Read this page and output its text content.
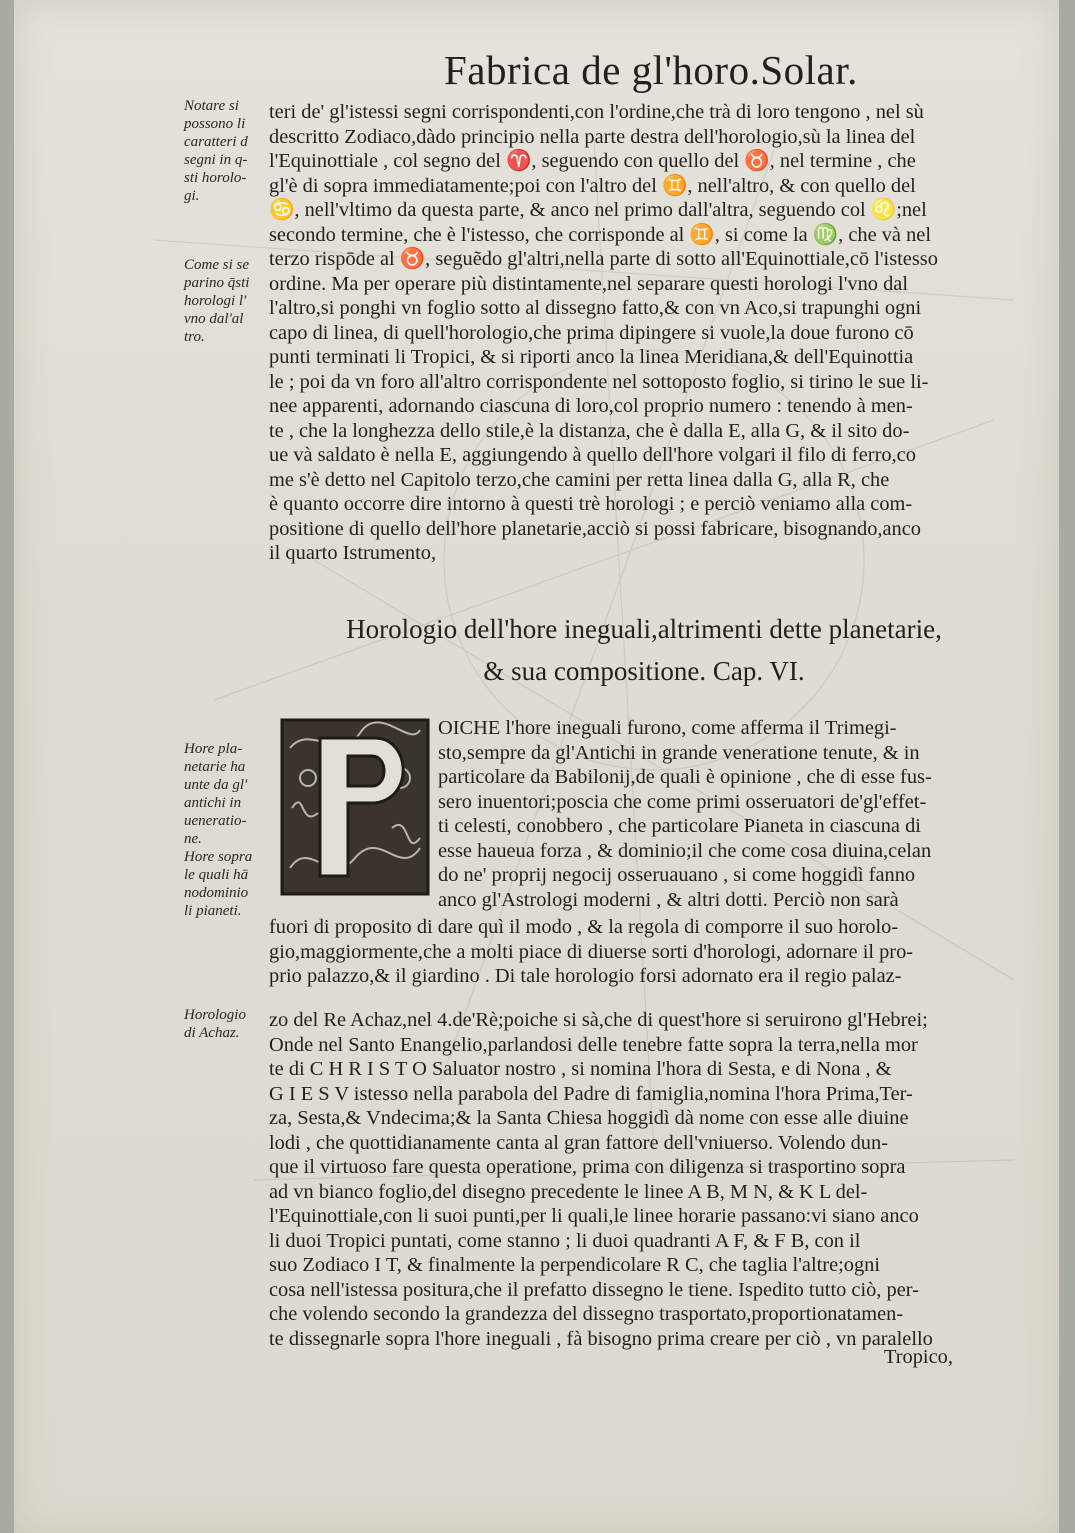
Fabrica de gl'horo.Solar.
Notare si
possono li
caratteri d
segni in q-
sti horolo-
gi.
Come si se
parino q̄sti
horologi l'
vno dal'al
tro.
Hore pla-
netarie ha
unte da gl'
antichi in
ueneratio-
ne.
Hore sopra
le quali hā
nodominio
li pianeti.
Horologio
di Achaz.
teri de' gl'istessi segni corrispondenti,con l'ordine,che trà di loro tengono , nel sù
descritto Zodiaco,dàdo principio nella parte destra dell'horologio,sù la linea del
l'Equinottiale , col segno del ♈, seguendo con quello del ♉, nel termine , che
gl'è di sopra immediatamente;poi con l'altro del ♊, nell'altro, & con quello del
♋, nell'vltimo da questa parte, & anco nel primo dall'altra, seguendo col ♌;nel
secondo termine, che è l'istesso, che corrisponde al ♊, si come la ♍, che và nel
terzo rispōde al ♉, seguẽdo gl'altri,nella parte di sotto all'Equinottiale,cō l'istesso
ordine. Ma per operare più distintamente,nel separare questi horologi l'vno dal
l'altro,si ponghi vn foglio sotto al dissegno fatto,& con vn Aco,si trapunghi ogni
capo di linea, di quell'horologio,che prima dipingere si vuole,la doue furono cō
punti terminati li Tropici, & si riporti anco la linea Meridiana,& dell'Equinottia
le ; poi da vn foro all'altro corrispondente nel sottoposto foglio, si tirino le sue li-
nee apparenti, adornando ciascuna di loro,col proprio numero : tenendo à men-
te , che la longhezza dello stile,è la distanza, che è dalla E, alla G, & il sito do-
ue và saldato è nella E, aggiungendo à quello dell'hore volgari il filo di ferro,co
me s'è detto nel Capitolo terzo,che camini per retta linea dalla G, alla R, che
è quanto occorre dire intorno à questi trè horologi ; e perciò veniamo alla com-
positione di quello dell'hore planetarie,acciò si possi fabricare, bisognando,anco
il quarto Istrumento,
Horologio dell'hore ineguali,altrimenti dette planetarie,
& sua compositione. Cap. VI.
OICHE l'hore ineguali furono, come afferma il Trimegi-
sto,sempre da gl'Antichi in grande veneratione tenute, & in
particolare da Babilonij,de quali è opinione , che di esse fus-
sero inuentori;poscia che come primi osseruatori de'gl'effet-
ti celesti, conobbero , che particolare Pianeta in ciascuna di
esse haueua forza , & dominio;il che come cosa diuina,celan
do ne' proprij negocij osseruauano , si come hoggidì fanno
anco gl'Astrologi moderni , & altri dotti. Perciò non sarà
fuori di proposito di dare quì il modo , & la regola di comporre il suo horolo-
gio,maggiormente,che a molti piace di diuerse sorti d'horologi, adornare il pro-
prio palazzo,& il giardino . Di tale horologio forsi adornato era il regio palaz-
zo del Re Achaz,nel 4.de'Rè;poiche si sà,che di quest'hore si seruirono gl'Hebrei;
Onde nel Santo Enangelio,parlandosi delle tenebre fatte sopra la terra,nella mor
te di C H R I S T O Saluator nostro , si nomina l'hora di Sesta, e di Nona , &
G I E S V istesso nella parabola del Padre di famiglia,nomina l'hora Prima,Ter-
za, Sesta,& Vndecima;& la Santa Chiesa hoggidì dà nome con esse alle diuine
lodi , che quottidianamente canta al gran fattore dell'vniuerso. Volendo dun-
que il virtuoso fare questa operatione, prima con diligenza si trasportino sopra
ad vn bianco foglio,del disegno precedente le linee A B, M N, & K L del-
l'Equinottiale,con li suoi punti,per li quali,le linee horarie passano:vi siano anco
li duoi Tropici puntati, come stanno ; li duoi quadranti A F, & F B, con il
suo Zodiaco I T, & finalmente la perpendicolare R C, che taglia l'altre;ogni
cosa nell'istessa positura,che il prefatto dissegno le tiene. Ispedito tutto ciò, per-
che volendo secondo la grandezza del dissegno trasportato,proportionatamen-
te dissegnarle sopra l'hore ineguali , fà bisogno prima creare per ciò , vn paralello
Tropico,
